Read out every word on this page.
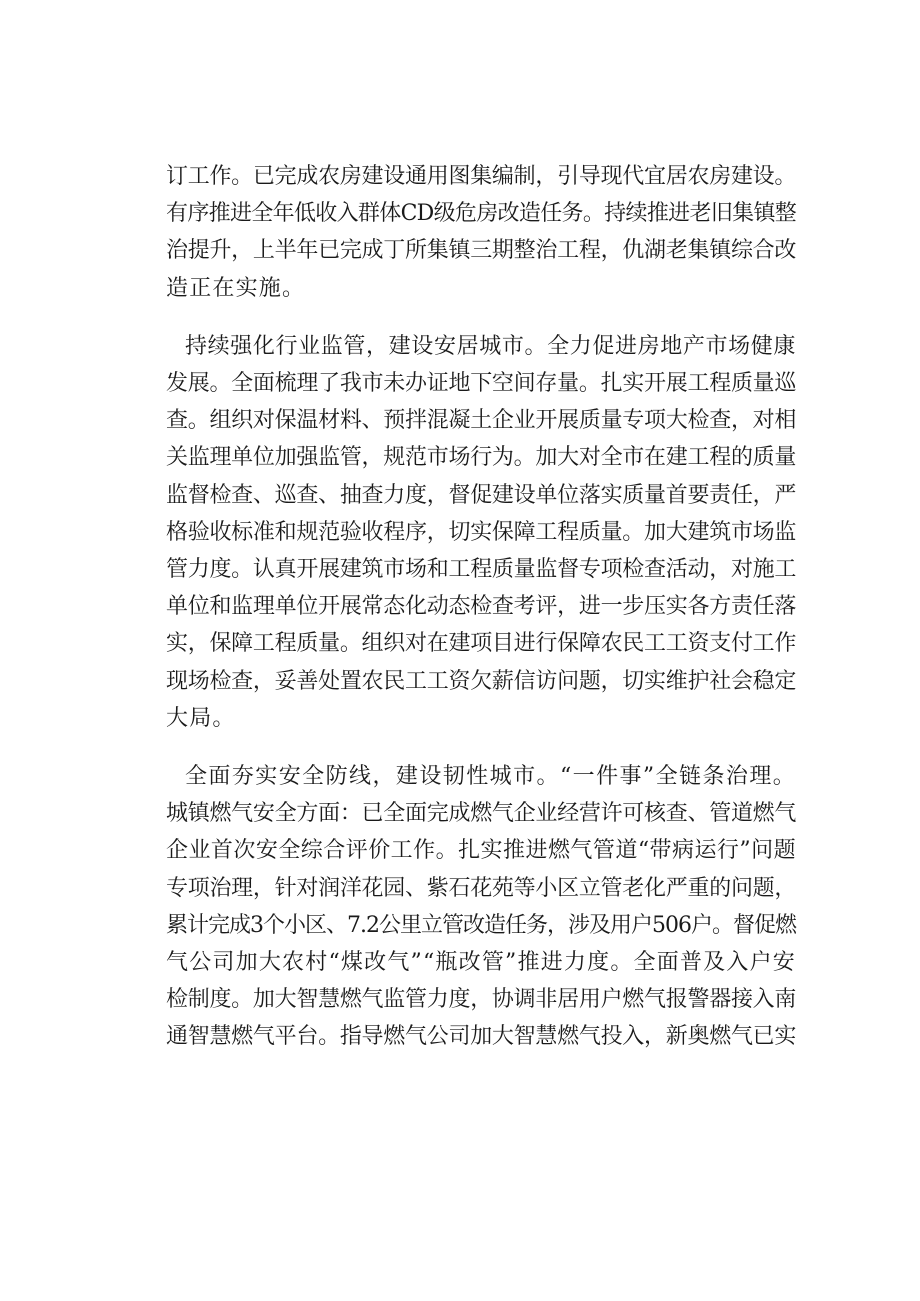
订工作。已完成农房建设通用图集编制，引导现代宜居农房建设。
有序推进全年低收入群体CD级危房改造任务。持续推进老旧集镇整
治提升，上半年已完成丁所集镇三期整治工程，仇湖老集镇综合改
造正在实施。
持续强化行业监管，建设安居城市。全力促进房地产市场健康
发展。全面梳理了我市未办证地下空间存量。扎实开展工程质量巡
查。组织对保温材料、预拌混凝土企业开展质量专项大检查，对相
关监理单位加强监管，规范市场行为。加大对全市在建工程的质量
监督检查、巡查、抽查力度，督促建设单位落实质量首要责任，严
格验收标准和规范验收程序，切实保障工程质量。加大建筑市场监
管力度。认真开展建筑市场和工程质量监督专项检查活动，对施工
单位和监理单位开展常态化动态检查考评，进一步压实各方责任落
实，保障工程质量。组织对在建项目进行保障农民工工资支付工作
现场检查，妥善处置农民工工资欠薪信访问题，切实维护社会稳定
大局。
全面夯实安全防线，建设韧性城市。“一件事”全链条治理。
城镇燃气安全方面：已全面完成燃气企业经营许可核查、管道燃气
企业首次安全综合评价工作。扎实推进燃气管道“带病运行”问题
专项治理，针对润洋花园、紫石花苑等小区立管老化严重的问题，
累计完成3个小区、7.2公里立管改造任务，涉及用户506户。督促燃
气公司加大农村“煤改气”“瓶改管”推进力度。全面普及入户安
检制度。加大智慧燃气监管力度，协调非居用户燃气报警器接入南
通智慧燃气平台。指导燃气公司加大智慧燃气投入，新奥燃气已实
